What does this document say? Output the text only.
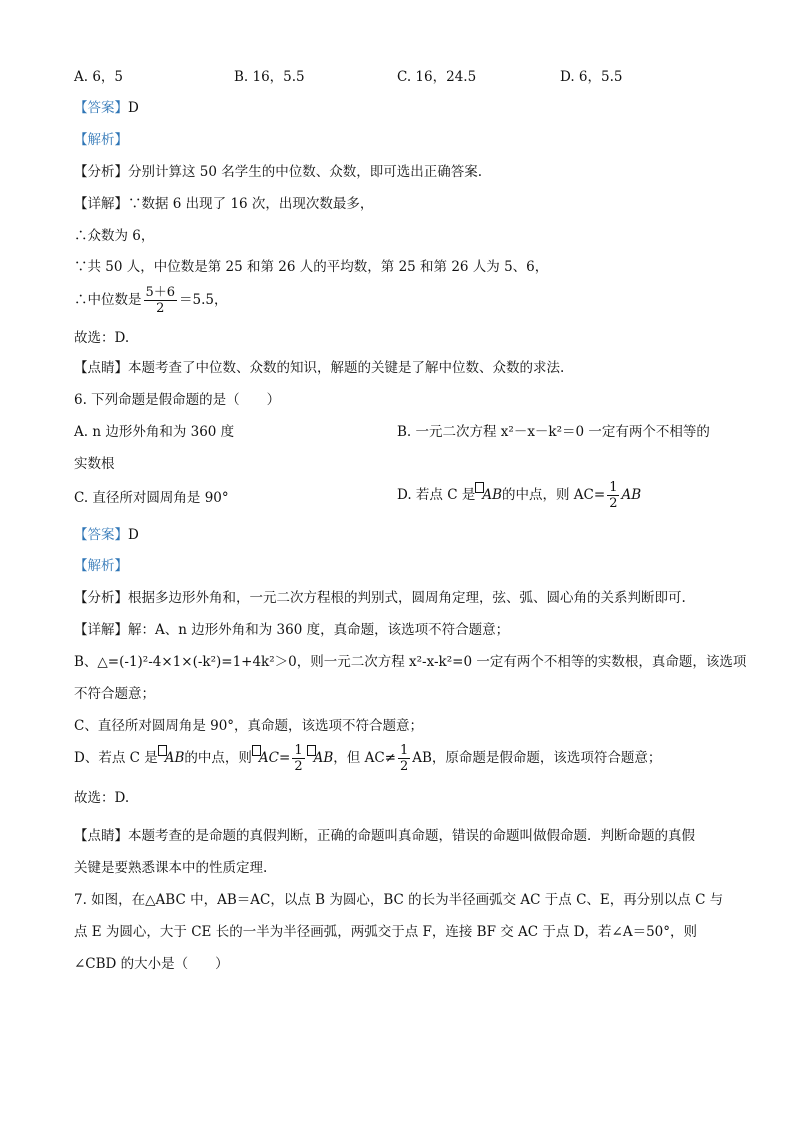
A. 6，5	B. 16，5.5	C. 16，24.5	D. 6，5.5
【答案】D
【解析】
【分析】分别计算这 50 名学生的中位数、众数，即可选出正确答案.
【详解】∵数据 6 出现了 16 次，出现次数最多，
∴众数为 6，
∵共 50 人，中位数是第 25 和第 26 人的平均数，第 25 和第 26 人为 5、6，
∴中位数是 $\frac{5+6}{2} =5.5$，
故选：D.
【点睛】本题考查了中位数、众数的知识，解题的关键是了解中位数、众数的求法.
6. 下列命题是假命题的是（　　）
A. n 边形外角和为 360 度	B. 一元二次方程 x²－x－k²＝0 一定有两个不相等的
实数根
C. 直径所对圆周角是 90°	D. 若点 C 是 AB的中点，则 $AC= \frac{1}{2}$ AB
【答案】D
【解析】
【分析】根据多边形外角和，一元二次方程根的判别式，圆周角定理，弦、弧、圆心角的关系判断即可.
【详解】解：A、n 边形外角和为 360 度，真命题，该选项不符合题意；
B、△=(-1)²-4×1×(-k²)=1+4k²＞0，则一元二次方程 x²-x-k²=0 一定有两个不相等的实数根，真命题，该选项
不符合题意；
C、直径所对圆周角是 90°，真命题，该选项不符合题意；
D、若点 C 是 AB的中点，则 $AC= \frac{1}{2}$ AB，但 $AC\ne \frac{1}{2}$ AB，原命题是假命题，该选项符合题意；
故选：D.
【点睛】本题考查的是命题的真假判断，正确的命题叫真命题，错误的命题叫做假命题．判断命题的真假
关键是要熟悉课本中的性质定理.
7. 如图，在△ABC 中，AB＝AC，以点 B 为圆心，BC 的长为半径画弧交 AC 于点 C、E，再分别以点 C 与
点 E 为圆心，大于 CE 长的一半为半径画弧，两弧交于点 F，连接 BF 交 AC 于点 D，若∠A＝50°，则
∠CBD 的大小是（　　）
